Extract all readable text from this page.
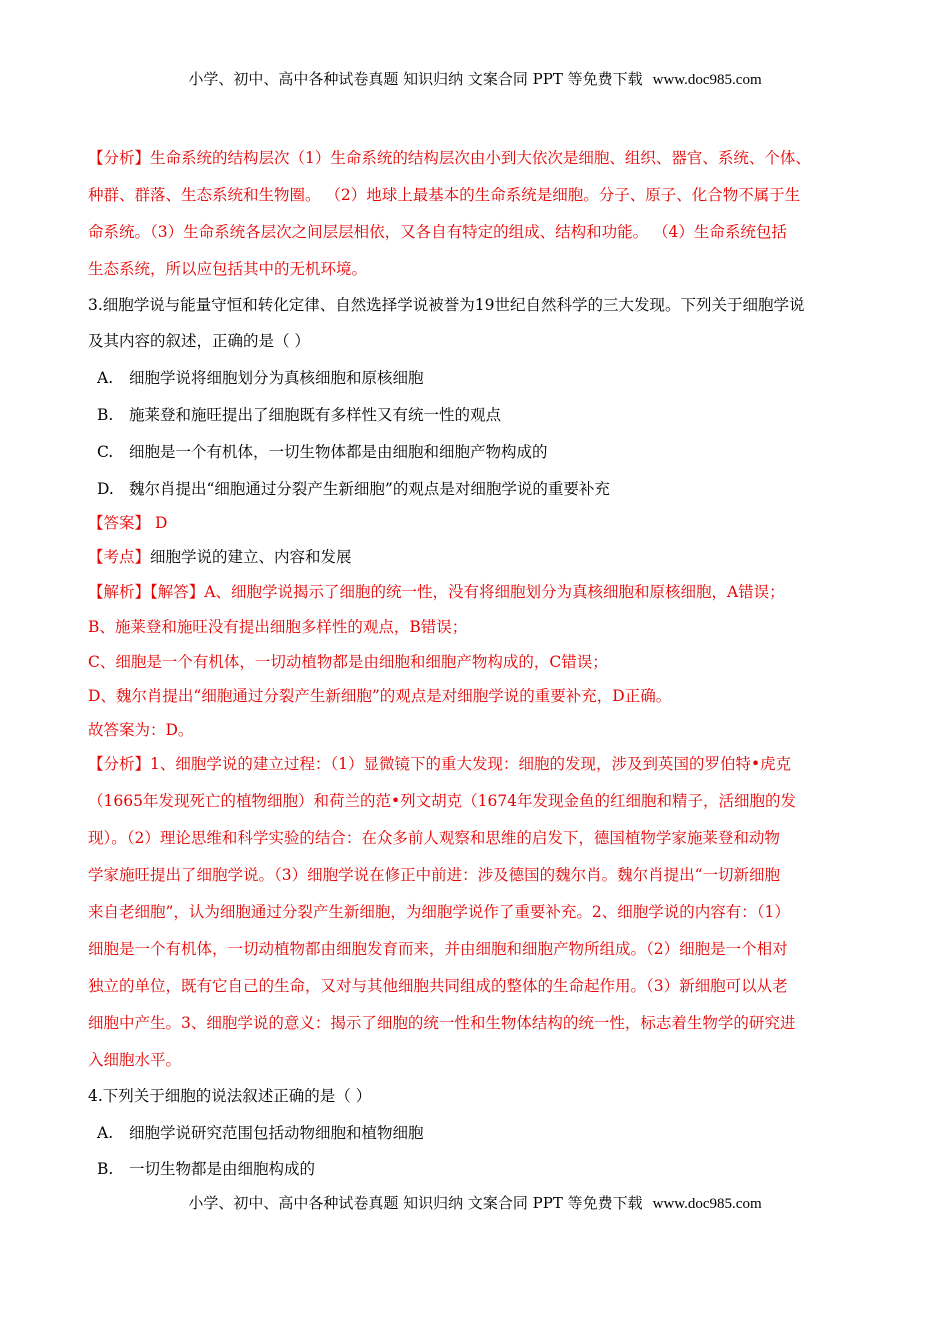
小学、初中、高中各种试卷真题 知识归纳 文案合同 PPT 等免费下载 www.doc985.com
【分析】生命系统的结构层次（1）生命系统的结构层次由小到大依次是细胞、组织、器官、系统、个体、
种群、群落、生态系统和生物圈。 （2）地球上最基本的生命系统是细胞。分子、原子、化合物不属于生
命系统。（3）生命系统各层次之间层层相依，又各自有特定的组成、结构和功能。 （4）生命系统包括
生态系统，所以应包括其中的无机环境。
3.细胞学说与能量守恒和转化定律、自然选择学说被誉为19世纪自然科学的三大发现。下列关于细胞学说
及其内容的叙述，正确的是（ ）
A. 细胞学说将细胞划分为真核细胞和原核细胞
B. 施莱登和施旺提出了细胞既有多样性又有统一性的观点
C. 细胞是一个有机体，一切生物体都是由细胞和细胞产物构成的
D. 魏尔肖提出“细胞通过分裂产生新细胞”的观点是对细胞学说的重要补充
【答案】 D
【考点】细胞学说的建立、内容和发展
【解析】【解答】A、细胞学说揭示了细胞的统一性，没有将细胞划分为真核细胞和原核细胞，A错误；
B、施莱登和施旺没有提出细胞多样性的观点，B错误；
C、细胞是一个有机体，一切动植物都是由细胞和细胞产物构成的，C错误；
D、魏尔肖提出“细胞通过分裂产生新细胞”的观点是对细胞学说的重要补充，D正确。
故答案为：D。
【分析】1、细胞学说的建立过程：（1）显微镜下的重大发现：细胞的发现，涉及到英国的罗伯特•虎克
（1665年发现死亡的植物细胞）和荷兰的范•列文胡克（1674年发现金鱼的红细胞和精子，活细胞的发
现）。（2）理论思维和科学实验的结合：在众多前人观察和思维的启发下，德国植物学家施莱登和动物
学家施旺提出了细胞学说。（3）细胞学说在修正中前进：涉及德国的魏尔肖。魏尔肖提出“一切新细胞
来自老细胞”，认为细胞通过分裂产生新细胞，为细胞学说作了重要补充。2、细胞学说的内容有：（1）
细胞是一个有机体，一切动植物都由细胞发育而来，并由细胞和细胞产物所组成。（2）细胞是一个相对
独立的单位，既有它自己的生命，又对与其他细胞共同组成的整体的生命起作用。（3）新细胞可以从老
细胞中产生。3、细胞学说的意义：揭示了细胞的统一性和生物体结构的统一性，标志着生物学的研究进
入细胞水平。
4.下列关于细胞的说法叙述正确的是（ ）
A. 细胞学说研究范围包括动物细胞和植物细胞
B. 一切生物都是由细胞构成的
小学、初中、高中各种试卷真题 知识归纳 文案合同 PPT 等免费下载 www.doc985.com
